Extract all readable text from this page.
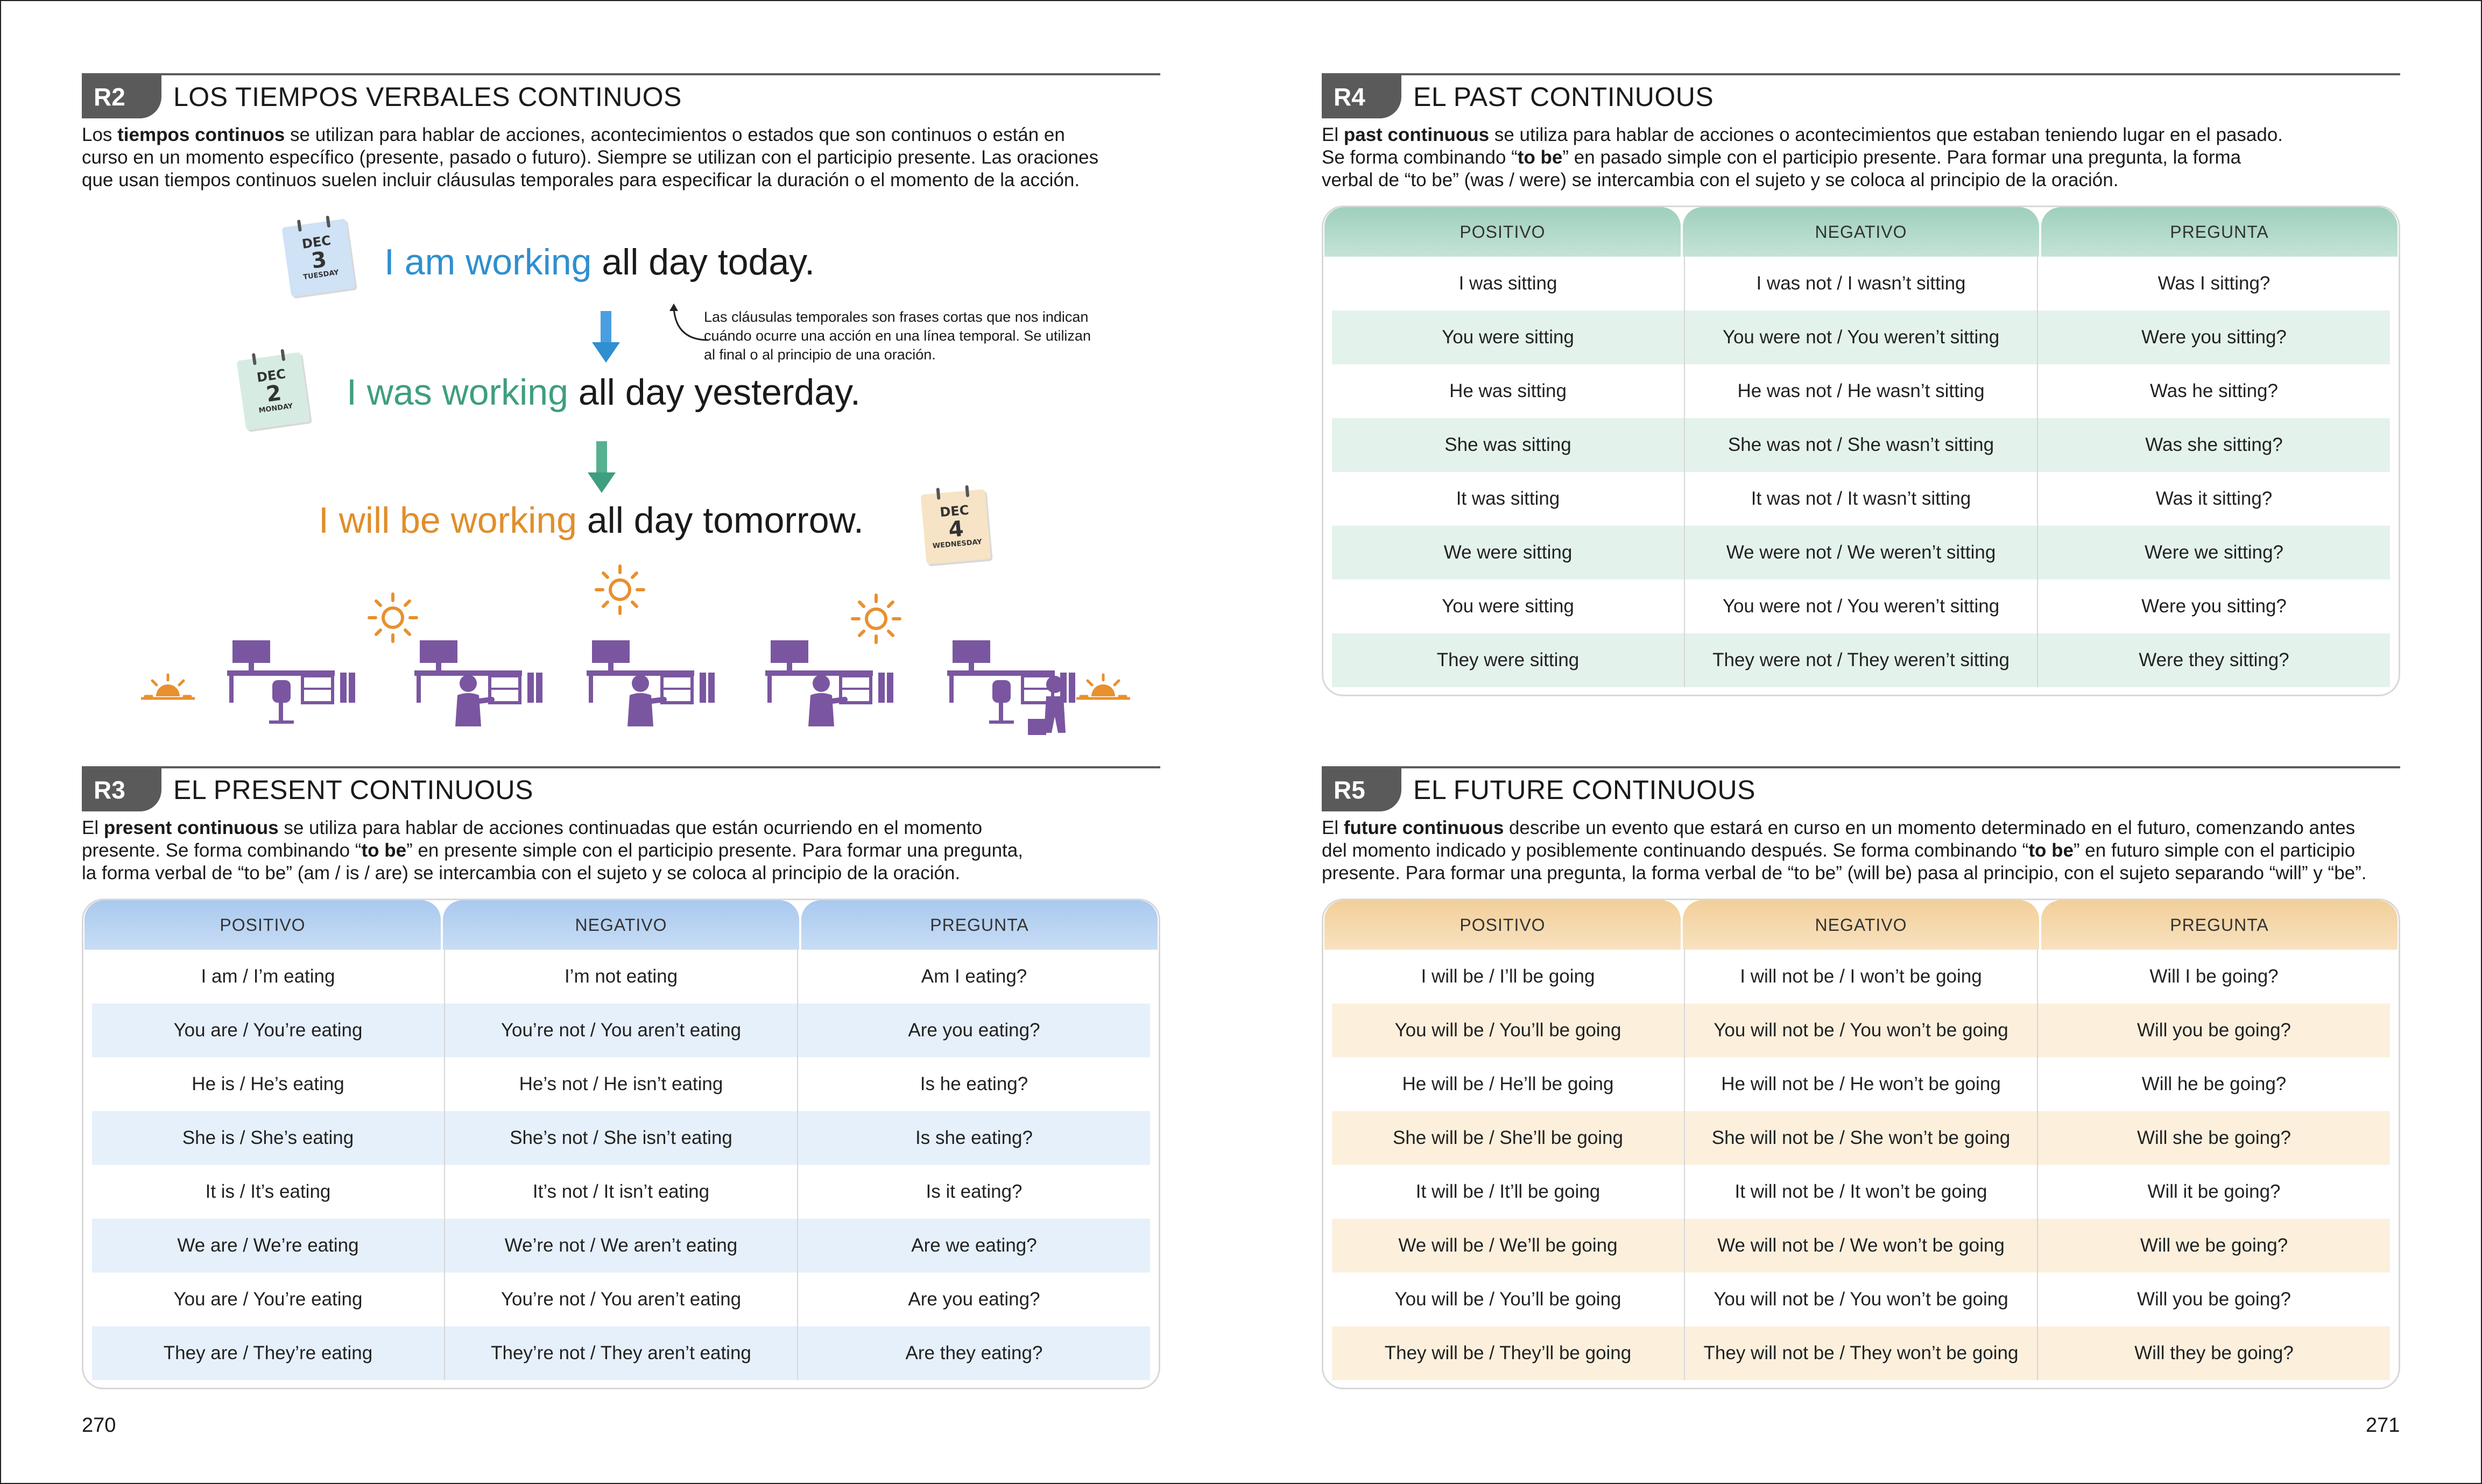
R2	LOS TIEMPOS VERBALES CONTINUOS
Los tiempos continuos se utilizan para hablar de acciones, acontecimientos o estados que son continuos o están en
curso en un momento específico (presente, pasado o futuro). Siempre se utilizan con el participio presente. Las oraciones
que usan tiempos continuos suelen incluir cláusulas temporales para especificar la duración o el momento de la acción.
I am working all day today.
I was working all day yesterday.
I will be working all day tomorrow.
DEC
3
TUESDAY
DEC
2
MONDAY
DEC
4
WEDNESDAY
Las cláusulas temporales son frases cortas que nos indican
cuándo ocurre una acción en una línea temporal. Se utilizan
al final o al principio de una oración.
R3	EL PRESENT CONTINUOUS
El present continuous se utiliza para hablar de acciones continuadas que están ocurriendo en el momento
presente. Se forma combinando “to be” en presente simple con el participio presente. Para formar una pregunta,
la forma verbal de “to be” (am / is / are) se intercambia con el sujeto y se coloca al principio de la oración.
POSITIVO	NEGATIVO	PREGUNTA
I am / I’m eating	I’m not eating	Am I eating?
You are / You’re eating	You’re not / You aren’t eating	Are you eating?
He is / He’s eating	He’s not / He isn’t eating	Is he eating?
She is / She’s eating	She’s not / She isn’t eating	Is she eating?
It is / It’s eating	It’s not / It isn’t eating	Is it eating?
We are / We’re eating	We’re not / We aren’t eating	Are we eating?
You are / You’re eating	You’re not / You aren’t eating	Are you eating?
They are / They’re eating	They’re not / They aren’t eating	Are they eating?
R4	EL PAST CONTINUOUS
El past continuous se utiliza para hablar de acciones o acontecimientos que estaban teniendo lugar en el pasado.
Se forma combinando “to be” en pasado simple con el participio presente. Para formar una pregunta, la forma
verbal de “to be” (was / were) se intercambia con el sujeto y se coloca al principio de la oración.
POSITIVO	NEGATIVO	PREGUNTA
I was sitting	I was not / I wasn’t sitting	Was I sitting?
You were sitting	You were not / You weren’t sitting	Were you sitting?
He was sitting	He was not / He wasn’t sitting	Was he sitting?
She was sitting	She was not / She wasn’t sitting	Was she sitting?
It was sitting	It was not / It wasn’t sitting	Was it sitting?
We were sitting	We were not / We weren’t sitting	Were we sitting?
You were sitting	You were not / You weren’t sitting	Were you sitting?
They were sitting	They were not / They weren’t sitting	Were they sitting?
R5	EL FUTURE CONTINUOUS
El future continuous describe un evento que estará en curso en un momento determinado en el futuro, comenzando antes
del momento indicado y posiblemente continuando después. Se forma combinando “to be” en futuro simple con el participio
presente. Para formar una pregunta, la forma verbal de “to be” (will be) pasa al principio, con el sujeto separando “will” y “be”.
POSITIVO	NEGATIVO	PREGUNTA
I will be / I’ll be going	I will not be / I won’t be going	Will I be going?
You will be / You’ll be going	You will not be / You won’t be going	Will you be going?
He will be / He’ll be going	He will not be / He won’t be going	Will he be going?
She will be / She’ll be going	She will not be / She won’t be going	Will she be going?
It will be / It’ll be going	It will not be / It won’t be going	Will it be going?
We will be / We’ll be going	We will not be / We won’t be going	Will we be going?
You will be / You’ll be going	You will not be / You won’t be going	Will you be going?
They will be / They’ll be going	They will not be / They won’t be going	Will they be going?
270	271
